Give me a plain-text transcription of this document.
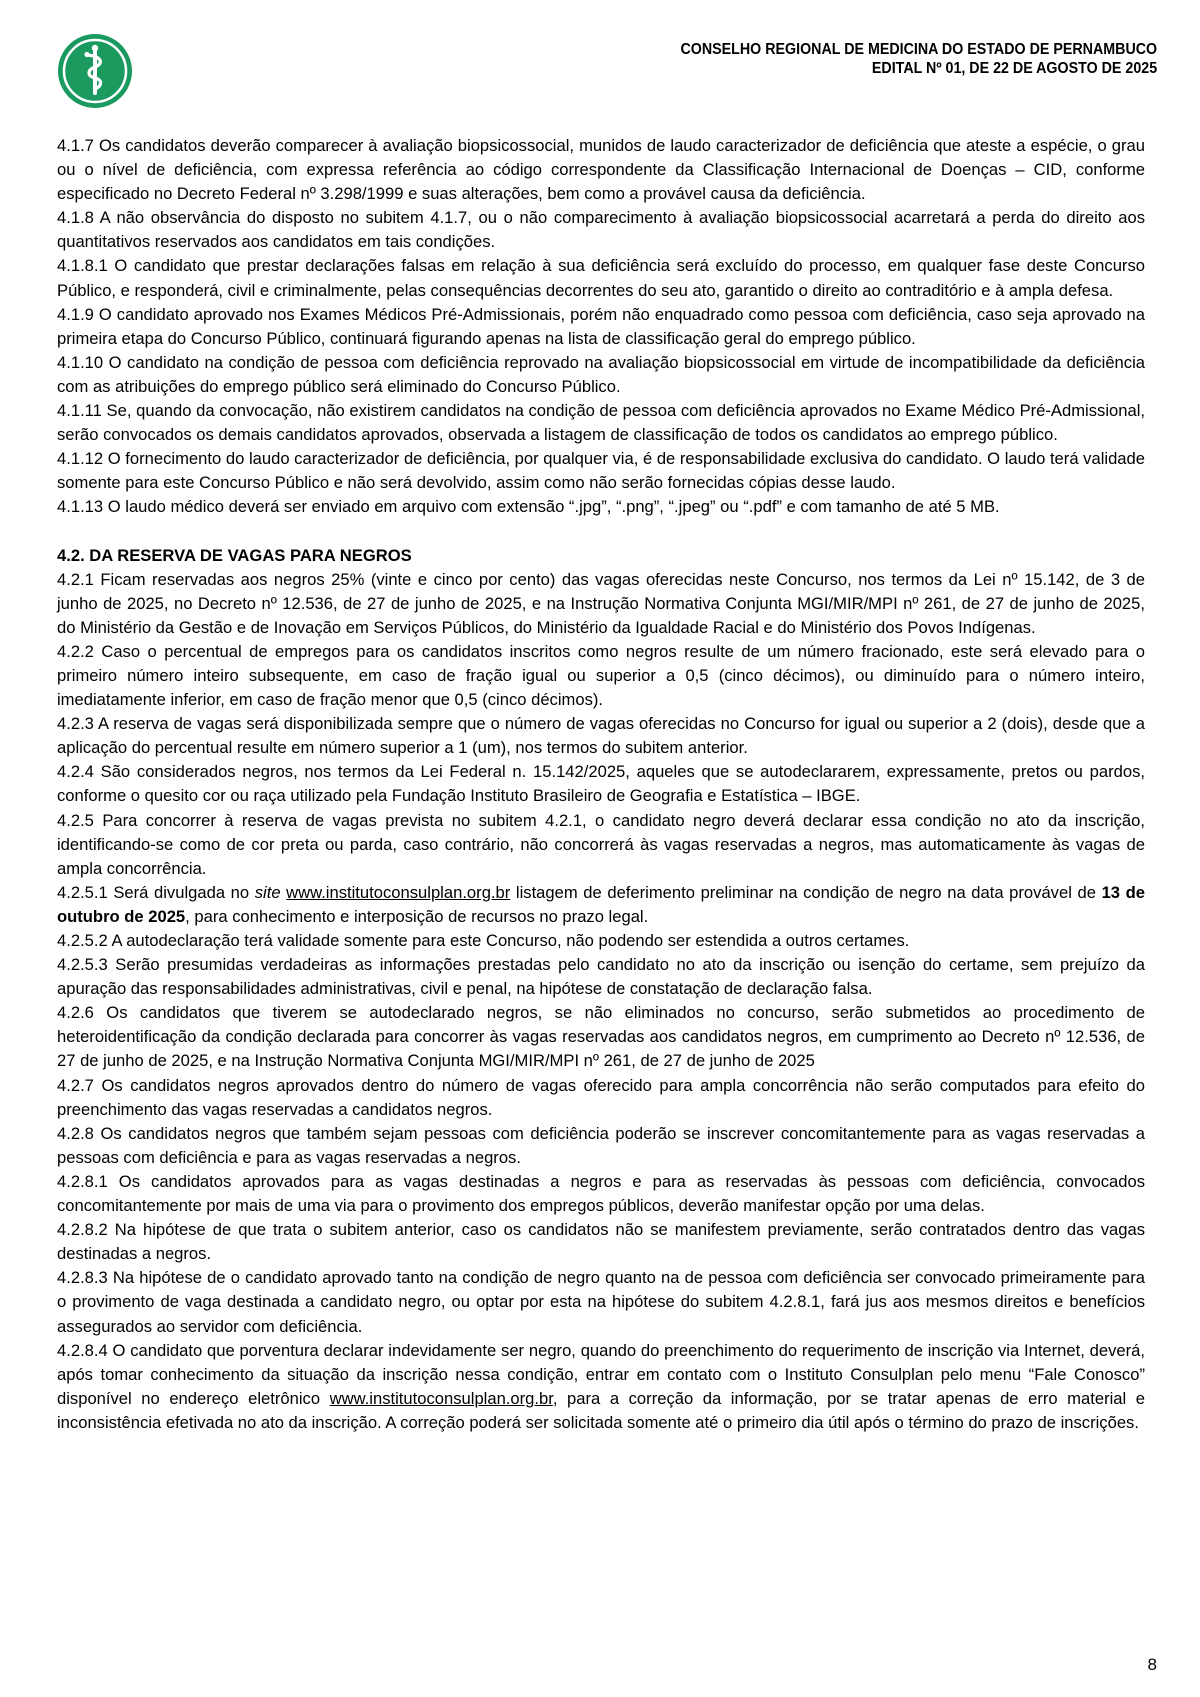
CONSELHO REGIONAL DE MEDICINA DO ESTADO DE PERNAMBUCO
EDITAL Nº 01, DE 22 DE AGOSTO DE 2025

4.1.7 Os candidatos deverão comparecer à avaliação biopsicossocial, munidos de laudo caracterizador de deficiência que ateste a espécie, o grau ou o nível de deficiência, com expressa referência ao código correspondente da Classificação Internacional de Doenças – CID, conforme especificado no Decreto Federal nº 3.298/1999 e suas alterações, bem como a provável causa da deficiência.

4.1.8 A não observância do disposto no subitem 4.1.7, ou o não comparecimento à avaliação biopsicossocial acarretará a perda do direito aos quantitativos reservados aos candidatos em tais condições.

4.1.8.1 O candidato que prestar declarações falsas em relação à sua deficiência será excluído do processo, em qualquer fase deste Concurso Público, e responderá, civil e criminalmente, pelas consequências decorrentes do seu ato, garantido o direito ao contraditório e à ampla defesa.

4.1.9 O candidato aprovado nos Exames Médicos Pré-Admissionais, porém não enquadrado como pessoa com deficiência, caso seja aprovado na primeira etapa do Concurso Público, continuará figurando apenas na lista de classificação geral do emprego público.

4.1.10 O candidato na condição de pessoa com deficiência reprovado na avaliação biopsicossocial em virtude de incompatibilidade da deficiência com as atribuições do emprego público será eliminado do Concurso Público.

4.1.11 Se, quando da convocação, não existirem candidatos na condição de pessoa com deficiência aprovados no Exame Médico Pré-Admissional, serão convocados os demais candidatos aprovados, observada a listagem de classificação de todos os candidatos ao emprego público.

4.1.12 O fornecimento do laudo caracterizador de deficiência, por qualquer via, é de responsabilidade exclusiva do candidato. O laudo terá validade somente para este Concurso Público e não será devolvido, assim como não serão fornecidas cópias desse laudo.

4.1.13 O laudo médico deverá ser enviado em arquivo com extensão “.jpg”, “.png”, “.jpeg” ou “.pdf” e com tamanho de até 5 MB.

4.2. DA RESERVA DE VAGAS PARA NEGROS

4.2.1 Ficam reservadas aos negros 25% (vinte e cinco por cento) das vagas oferecidas neste Concurso, nos termos da Lei nº 15.142, de 3 de junho de 2025, no Decreto nº 12.536, de 27 de junho de 2025, e na Instrução Normativa Conjunta MGI/MIR/MPI nº 261, de 27 de junho de 2025, do Ministério da Gestão e de Inovação em Serviços Públicos, do Ministério da Igualdade Racial e do Ministério dos Povos Indígenas.

4.2.2 Caso o percentual de empregos para os candidatos inscritos como negros resulte de um número fracionado, este será elevado para o primeiro número inteiro subsequente, em caso de fração igual ou superior a 0,5 (cinco décimos), ou diminuído para o número inteiro, imediatamente inferior, em caso de fração menor que 0,5 (cinco décimos).

4.2.3 A reserva de vagas será disponibilizada sempre que o número de vagas oferecidas no Concurso for igual ou superior a 2 (dois), desde que a aplicação do percentual resulte em número superior a 1 (um), nos termos do subitem anterior.

4.2.4 São considerados negros, nos termos da Lei Federal n. 15.142/2025, aqueles que se autodeclararem, expressamente, pretos ou pardos, conforme o quesito cor ou raça utilizado pela Fundação Instituto Brasileiro de Geografia e Estatística – IBGE.

4.2.5 Para concorrer à reserva de vagas prevista no subitem 4.2.1, o candidato negro deverá declarar essa condição no ato da inscrição, identificando-se como de cor preta ou parda, caso contrário, não concorrerá às vagas reservadas a negros, mas automaticamente às vagas de ampla concorrência.

4.2.5.1 Será divulgada no site www.institutoconsulplan.org.br listagem de deferimento preliminar na condição de negro na data provável de 13 de outubro de 2025, para conhecimento e interposição de recursos no prazo legal.

4.2.5.2 A autodeclaração terá validade somente para este Concurso, não podendo ser estendida a outros certames.

4.2.5.3 Serão presumidas verdadeiras as informações prestadas pelo candidato no ato da inscrição ou isenção do certame, sem prejuízo da apuração das responsabilidades administrativas, civil e penal, na hipótese de constatação de declaração falsa.

4.2.6 Os candidatos que tiverem se autodeclarado negros, se não eliminados no concurso, serão submetidos ao procedimento de heteroidentificação da condição declarada para concorrer às vagas reservadas aos candidatos negros, em cumprimento ao Decreto nº 12.536, de 27 de junho de 2025, e na Instrução Normativa Conjunta MGI/MIR/MPI nº 261, de 27 de junho de 2025

4.2.7 Os candidatos negros aprovados dentro do número de vagas oferecido para ampla concorrência não serão computados para efeito do preenchimento das vagas reservadas a candidatos negros.

4.2.8 Os candidatos negros que também sejam pessoas com deficiência poderão se inscrever concomitantemente para as vagas reservadas a pessoas com deficiência e para as vagas reservadas a negros.

4.2.8.1 Os candidatos aprovados para as vagas destinadas a negros e para as reservadas às pessoas com deficiência, convocados concomitantemente por mais de uma via para o provimento dos empregos públicos, deverão manifestar opção por uma delas.

4.2.8.2 Na hipótese de que trata o subitem anterior, caso os candidatos não se manifestem previamente, serão contratados dentro das vagas destinadas a negros.

4.2.8.3 Na hipótese de o candidato aprovado tanto na condição de negro quanto na de pessoa com deficiência ser convocado primeiramente para o provimento de vaga destinada a candidato negro, ou optar por esta na hipótese do subitem 4.2.8.1, fará jus aos mesmos direitos e benefícios assegurados ao servidor com deficiência.

4.2.8.4 O candidato que porventura declarar indevidamente ser negro, quando do preenchimento do requerimento de inscrição via Internet, deverá, após tomar conhecimento da situação da inscrição nessa condição, entrar em contato com o Instituto Consulplan pelo menu “Fale Conosco” disponível no endereço eletrônico www.institutoconsulplan.org.br, para a correção da informação, por se tratar apenas de erro material e inconsistência efetivada no ato da inscrição. A correção poderá ser solicitada somente até o primeiro dia útil após o término do prazo de inscrições.

8
